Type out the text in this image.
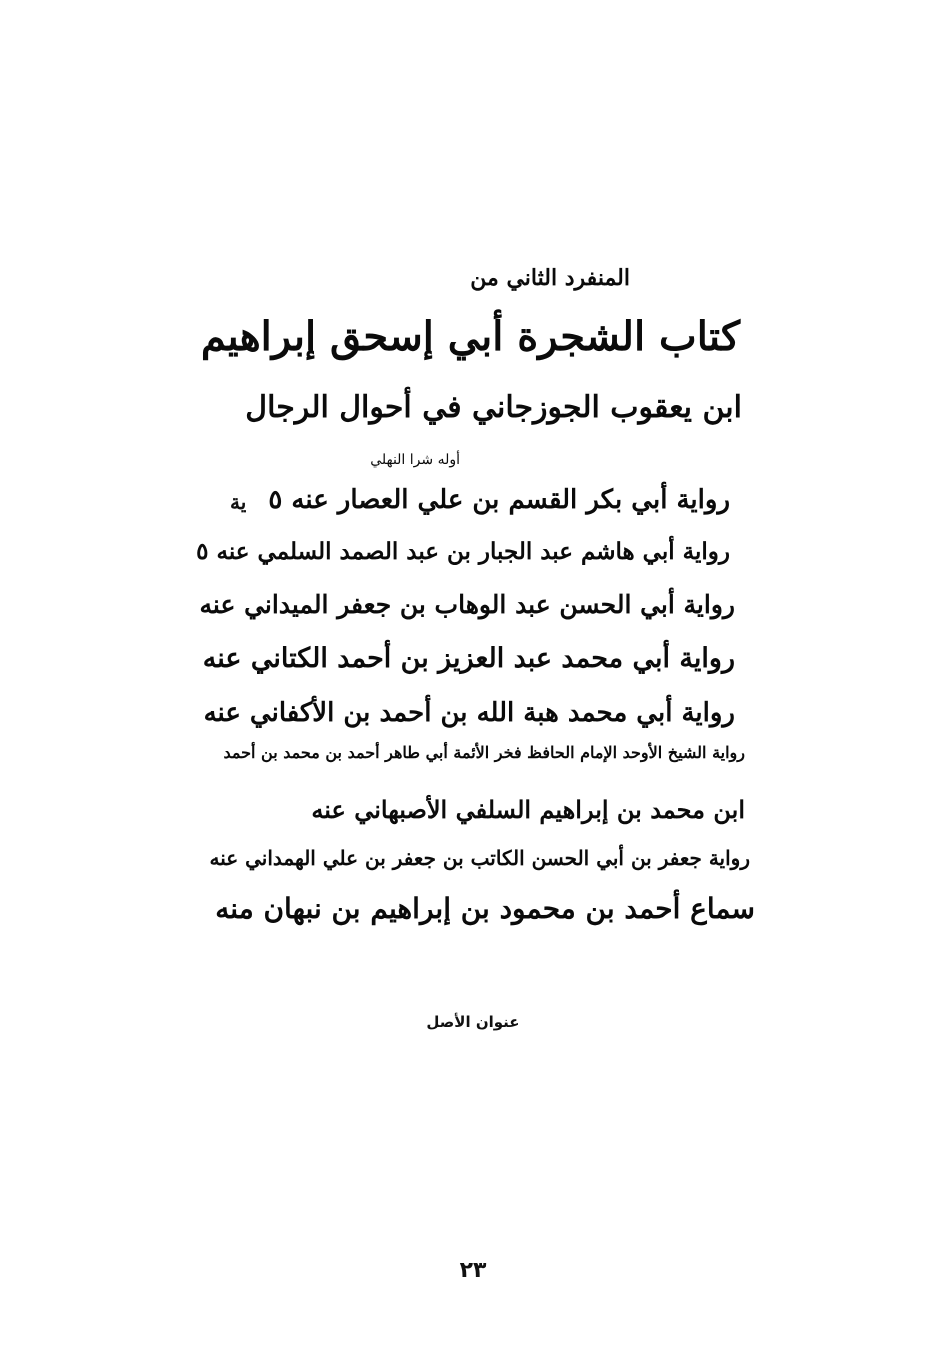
المنفرد الثاني من
كتاب الشجرة أبي إسحق إبراهيم
ابن يعقوب الجوزجاني في أحوال الرجال
أوله شرا النهلي
رواية أبي بكر القسم بن علي العصار عنه ٥
رواية أبي هاشم عبد الجبار بن عبد الصمد السلمي عنه ٥
رواية أبي الحسن عبد الوهاب بن جعفر الميداني عنه
رواية أبي محمد عبد العزيز بن أحمد الكتاني عنه
رواية أبي محمد هبة الله بن أحمد بن الأكفاني عنه
رواية الشيخ الأوحد الإمام الحافظ فخر الأئمة أبي طاهر أحمد بن محمد بن أحمد
ابن محمد بن إبراهيم السلفي الأصبهاني عنه
رواية جعفر بن أبي الحسن الكاتب بن جعفر بن علي الهمداني عنه
سماع أحمد بن محمود بن إبراهيم بن نبهان منه
ية
عنوان الأصل
٢٣
